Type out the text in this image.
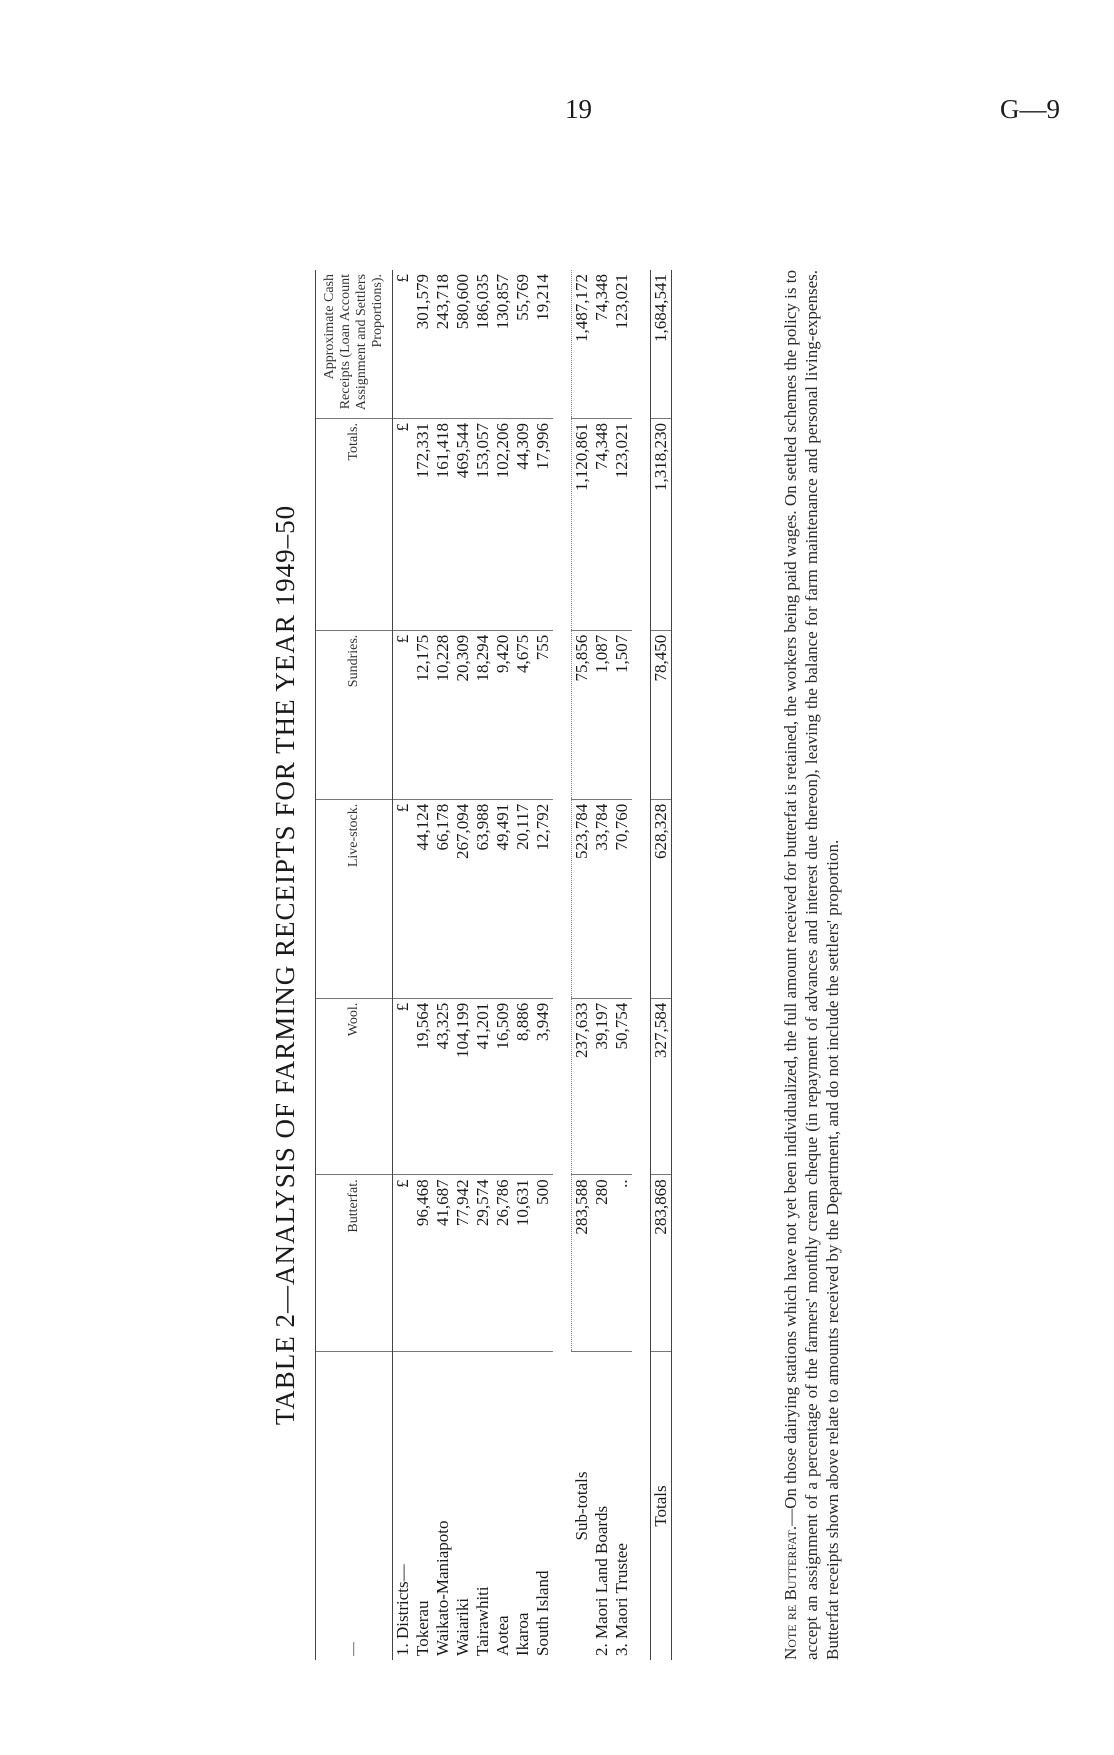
19	G—9
TABLE 2—ANALYSIS OF FARMING RECEIPTS FOR THE YEAR 1949–50
—	Butterfat.	Wool.	Live-stock.	Sundries.	Totals.	Approximate Cash Receipts (Loan Account Assignment and Settlers Proportions).
1. Districts—	£	£	£	£	£	£
Tokerau	96,468	19,564	44,124	12,175	172,331	301,579
Waikato-Maniapoto	41,687	43,325	66,178	10,228	161,418	243,718
Waiariki	77,942	104,199	267,094	20,309	469,544	580,600
Tairawhiti	29,574	41,201	63,988	18,294	153,057	186,035
Aotea	26,786	16,509	49,491	9,420	102,206	130,857
Ikaroa	10,631	8,886	20,117	4,675	44,309	55,769
South Island	500	3,949	12,792	755	17,996	19,214

Sub-totals	283,588	237,633	523,784	75,856	1,120,861	1,487,172
2. Maori Land Boards	280	39,197	33,784	1,087	74,348	74,348
3. Maori Trustee	..	50,754	70,760	1,507	123,021	123,021

Totals	283,868	327,584	628,328	78,450	1,318,230	1,684,541
Note re Butterfat.—On those dairying stations which have not yet been individualized, the full amount received for butterfat is retained, the workers being paid wages. On settled schemes the policy is to accept an assignment of a percentage of the farmers' monthly cream cheque (in repayment of advances and interest due thereon), leaving the balance for farm maintenance and personal living-expenses. Butterfat receipts shown above relate to amounts received by the Department, and do not include the settlers' proportion.
